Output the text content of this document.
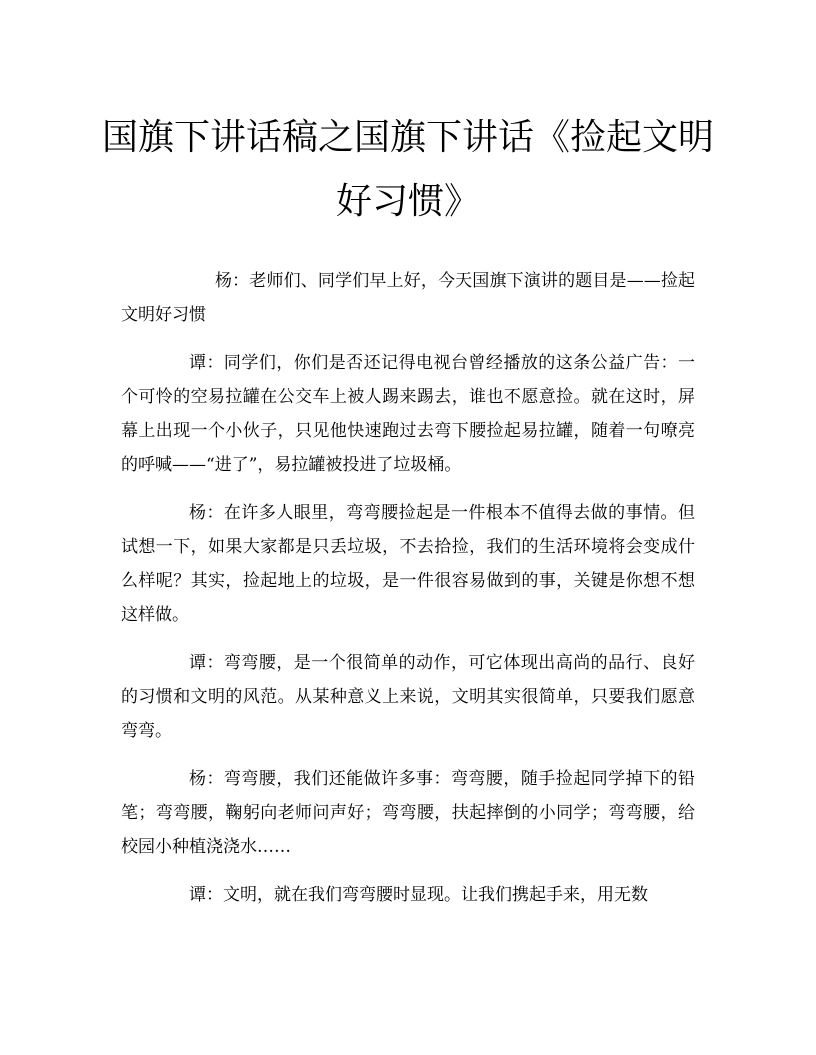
国旗下讲话稿之国旗下讲话《捡起文明好习惯》

杨：老师们、同学们早上好，今天国旗下演讲的题目是——捡起文明好习惯

谭：同学们，你们是否还记得电视台曾经播放的这条公益广告：一个可怜的空易拉罐在公交车上被人踢来踢去，谁也不愿意捡。就在这时，屏幕上出现一个小伙子，只见他快速跑过去弯下腰捡起易拉罐，随着一句嘹亮的呼喊——“进了”，易拉罐被投进了垃圾桶。

杨：在许多人眼里，弯弯腰捡起是一件根本不值得去做的事情。但试想一下，如果大家都是只丢垃圾，不去拾捡，我们的生活环境将会变成什么样呢？其实，捡起地上的垃圾，是一件很容易做到的事，关键是你想不想这样做。

谭：弯弯腰，是一个很简单的动作，可它体现出高尚的品行、良好的习惯和文明的风范。从某种意义上来说，文明其实很简单，只要我们愿意弯弯。

杨：弯弯腰，我们还能做许多事：弯弯腰，随手捡起同学掉下的铅笔；弯弯腰，鞠躬向老师问声好；弯弯腰，扶起摔倒的小同学；弯弯腰，给校园小种植浇浇水……

谭：文明，就在我们弯弯腰时显现。让我们携起手来，用无数
